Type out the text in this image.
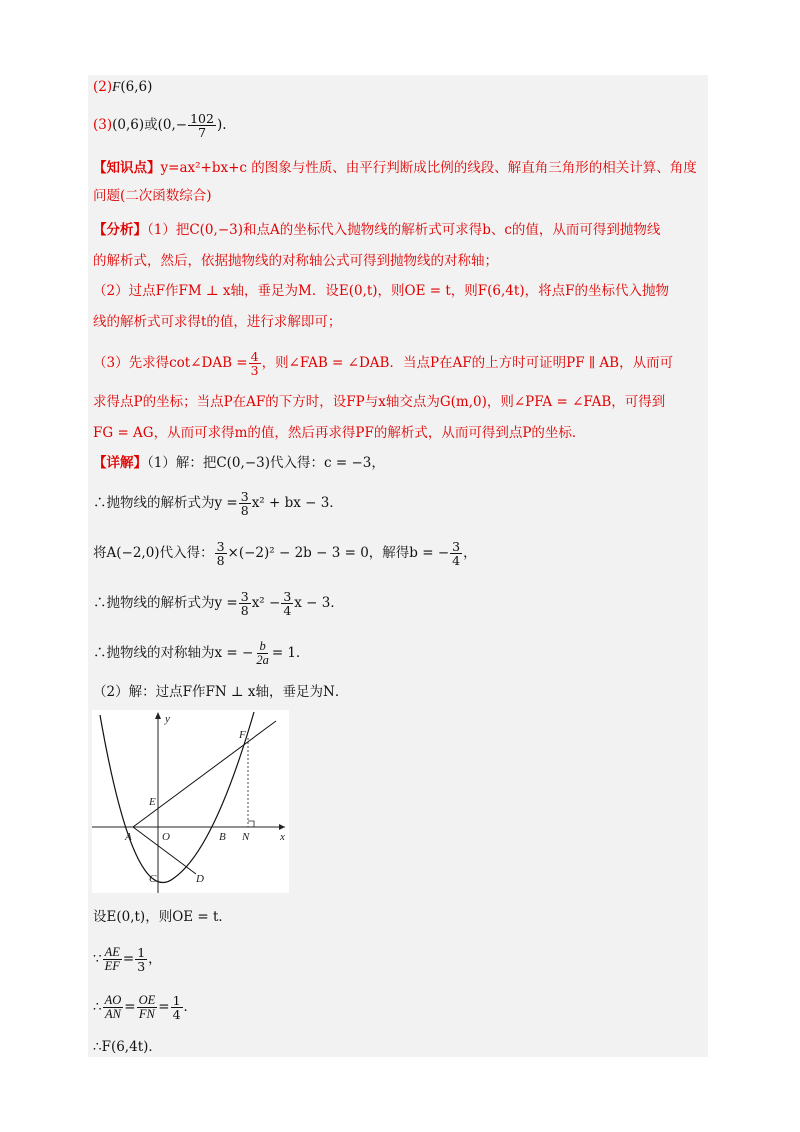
(2)F(6,6)
(3)(0,6)或($0,- \frac{102}{7}$ ).
【知识点】y=ax²+bx+c 的图象与性质、由平行判断成比例的线段、解直角三角形的相关计算、角度
问题(二次函数综合)
【分析】（1）把C(0,−3)和点A的坐标代入抛物线的解析式可求得b、c的值，从而可得到抛物线
的解析式，然后，依据抛物线的对称轴公式可得到抛物线的对称轴；
（2）过点F作FM ⊥ x轴，垂足为M．设E(0,t)，则OE = t，则F(6,4t)，将点F的坐标代入抛物
线的解析式可求得t的值，进行求解即可；
（3）先求得cot∠DAB = $\frac{4}{3}$ ，则∠FAB = ∠DAB．当点P在AF的上方时可证明PF ∥ AB，从而可
求得点P的坐标；当点P在AF的下方时，设FP与x轴交点为G(m,0)，则∠PFA = ∠FAB，可得到
FG = AG，从而可求得m的值，然后再求得PF的解析式，从而可得到点P的坐标．
【详解】（1）解：把C(0,−3)代入得：c = −3，
∴抛物线的解析式为$y = \frac{3}{8} x^2$ + bx − 3．
将A(−2,0)代入得： $\frac{3}{8} \times(-2)^2 - 2b - 3 = 0$，解得b = − $\frac{3}{4}$ ，
∴抛物线的解析式为$y = \frac{3}{8} x^2 - \frac{3}{4}$ x − 3．
∴抛物线的对称轴为x = − $\frac{b}{2a} = 1$．
（2）解：过点F作FN ⊥ x轴，垂足为N．
y
x
F
E
A	O	B N
C	D
设E(0,t)，则OE = t．
∵ $\frac{AE}{EF} = \frac{1}{3}$ ，
∴ $\frac{AO}{AN} = \frac{OE}{FN} = \frac{1}{4}$ ．
∴F(6,4t)．
